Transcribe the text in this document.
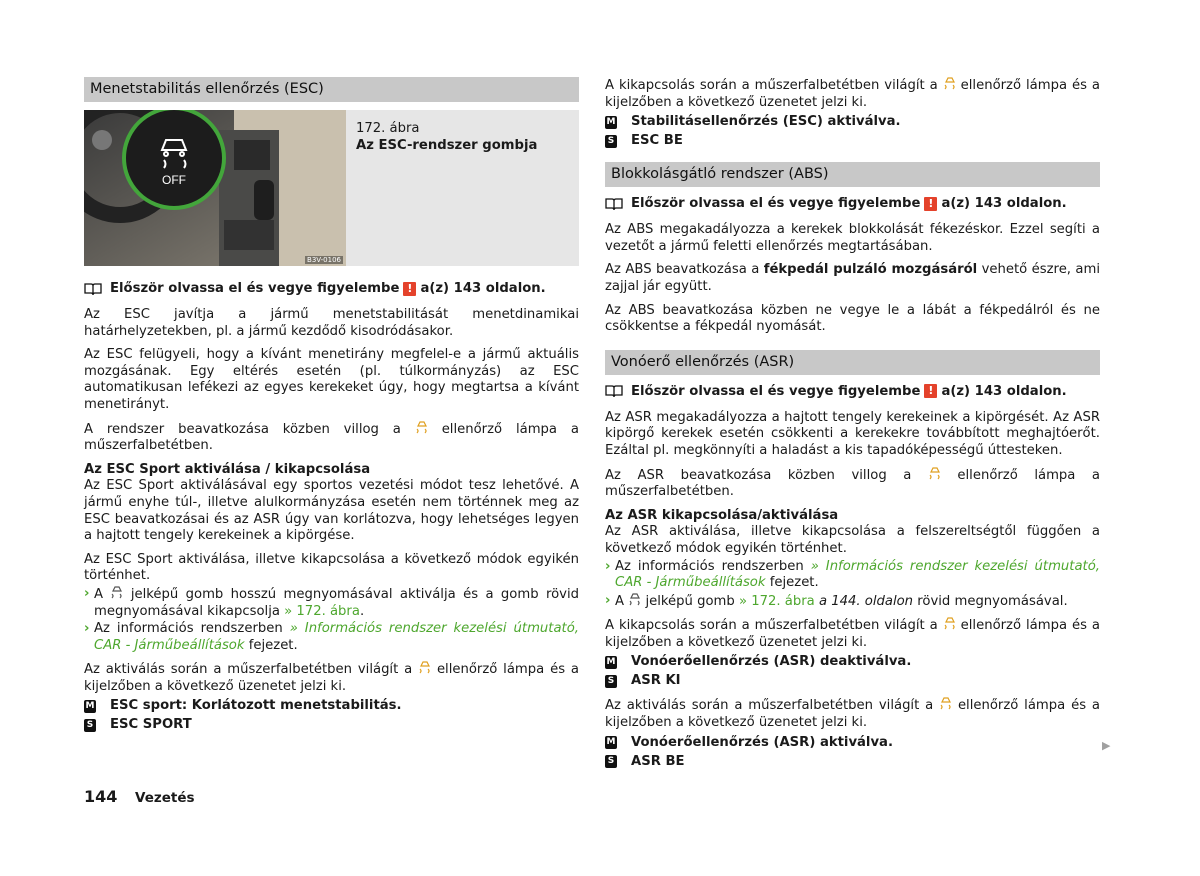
Menetstabilitás ellenőrzés (ESC)
OFF
B3V-0106
172. ábra
Az ESC-rendszer gombja
Először olvassa el és vegye figyelembe ! a(z) 143 oldalon.

Az ESC javítja a jármű menetstabilitását menetdinamikai határhelyzetekben, pl. a jármű kezdődő kisodródásakor.

Az ESC felügyeli, hogy a kívánt menetirány megfelel-e a jármű aktuális mozgásának. Egy eltérés esetén (pl. túlkormányzás) az ESC automatikusan lefékezi az egyes kerekeket úgy, hogy megtartsa a kívánt menetirányt.

A rendszer beavatkozása közben villog a	ellenőrző lámpa a műszerfalbetétben.

Az ESC Sport aktiválása / kikapcsolása

Az ESC Sport aktiválásával egy sportos vezetési módot tesz lehetővé. A jármű enyhe túl-, illetve alulkormányzása esetén nem történnek meg az ESC beavatkozásai és az ASR úgy van korlátozva, hogy lehetséges legyen a hajtott tengely kerekeinek a kipörgése.

Az ESC Sport aktiválása, illetve kikapcsolása a következő módok egyikén történhet.

› A jelképű gomb hosszú megnyomásával aktiválja és a gomb rövid megnyomásával kikapcsolja » 172. ábra.
› Az információs rendszerben » Információs rendszer kezelési útmutató, CAR - Járműbeállítások fejezet.

Az aktiválás során a műszerfalbetétben világít a ellenőrző lámpa és a kijelzőben a következő üzenetet jelzi ki.

M ESC sport: Korlátozott menetstabilitás.
S ESC SPORT

A kikapcsolás során a műszerfalbetétben világít a ellenőrző lámpa és a kijelzőben a következő üzenetet jelzi ki.

M Stabilitásellenőrzés (ESC) aktiválva.
S ESC BE
Blokkolásgátló rendszer (ABS)
Először olvassa el és vegye figyelembe ! a(z) 143 oldalon.

Az ABS megakadályozza a kerekek blokkolását fékezéskor. Ezzel segíti a vezetőt a jármű feletti ellenőrzés megtartásában.

Az ABS beavatkozása a fékpedál pulzáló mozgásáról vehető észre, ami zajjal jár együtt.

Az ABS beavatkozása közben ne vegye le a lábát a fékpedálról és ne csökkentse a fékpedál nyomását.

Vonóerő ellenőrzés (ASR)
Először olvassa el és vegye figyelembe ! a(z) 143 oldalon.

Az ASR megakadályozza a hajtott tengely kerekeinek a kipörgését. Az ASR kipörgő kerekek esetén csökkenti a kerekekre továbbított meghajtóerőt. Ezáltal pl. megkönnyíti a haladást a kis tapadóképességű úttesteken.

Az ASR beavatkozása közben villog a	ellenőrző lámpa a műszerfalbetétben.

Az ASR kikapcsolása/aktiválása

Az ASR aktiválása, illetve kikapcsolása a felszereltségtől függően a következő módok egyikén történhet.

› Az információs rendszerben » Információs rendszer kezelési útmutató, CAR - Járműbeállítások fejezet.
› A jelképű gomb » 172. ábra a 144. oldalon rövid megnyomásával.

A kikapcsolás során a műszerfalbetétben világít a ellenőrző lámpa és a kijelzőben a következő üzenetet jelzi ki.

M Vonóerőellenőrzés (ASR) deaktiválva.
S ASR KI

Az aktiválás során a műszerfalbetétben világít a ellenőrző lámpa és a kijelzőben a következő üzenetet jelzi ki.

M Vonóerőellenőrzés (ASR) aktiválva.
S ASR BE
▶
144 Vezetés
